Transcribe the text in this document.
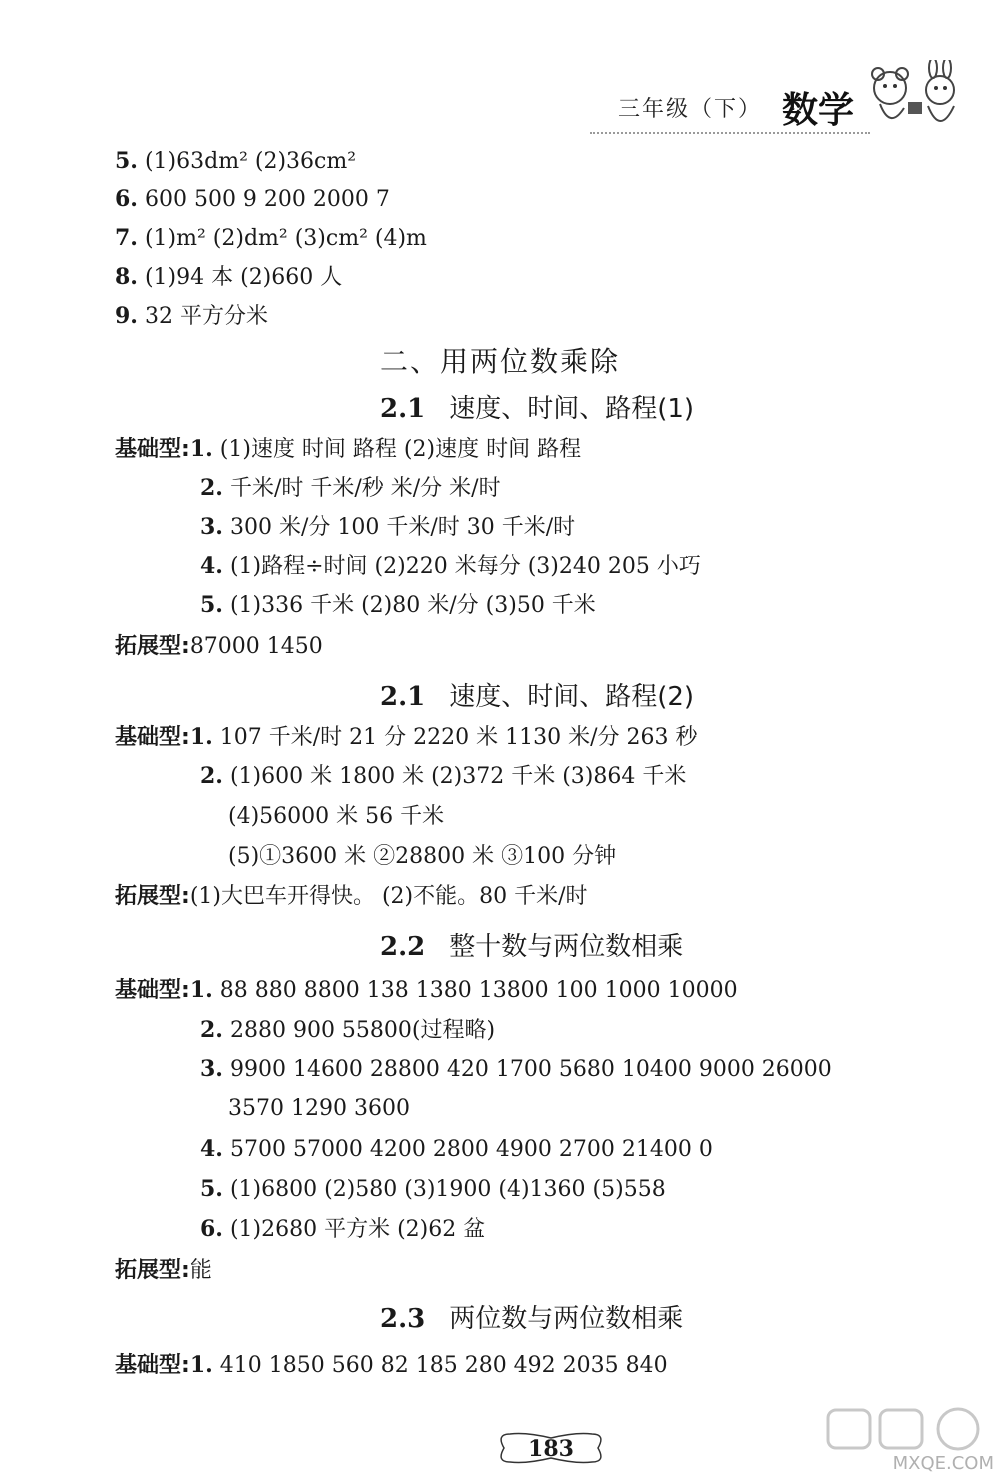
三年级（下） 数学
5. (1)63dm² (2)36cm²
6. 600 500 9 200 2000 7
7. (1)m² (2)dm² (3)cm² (4)m
8. (1)94 本 (2)660 人
9. 32 平方分米
二、用两位数乘除
2.1 速度、时间、路程(1)
基础型:1. (1)速度 时间 路程 (2)速度 时间 路程
2. 千米/时 千米/秒 米/分 米/时
3. 300 米/分 100 千米/时 30 千米/时
4. (1)路程÷时间 (2)220 米每分 (3)240 205 小巧
5. (1)336 千米 (2)80 米/分 (3)50 千米
拓展型:87000 1450
2.1 速度、时间、路程(2)
基础型:1. 107 千米/时 21 分 2220 米 1130 米/分 263 秒
2. (1)600 米 1800 米 (2)372 千米 (3)864 千米
(4)56000 米 56 千米
(5)①3600 米 ②28800 米 ③100 分钟
拓展型:(1)大巴车开得快。 (2)不能。80 千米/时
2.2 整十数与两位数相乘
基础型:1. 88 880 8800 138 1380 13800 100 1000 10000
2. 2880 900 55800(过程略)
3. 9900 14600 28800 420 1700 5680 10400 9000 26000
3570 1290 3600
4. 5700 57000 4200 2800 4900 2700 21400 0
5. (1)6800 (2)580 (3)1900 (4)1360 (5)558
6. (1)2680 平方米 (2)62 盆
拓展型:能
2.3 两位数与两位数相乘
基础型:1. 410 1850 560 82 185 280 492 2035 840
183
MXQE.COM
